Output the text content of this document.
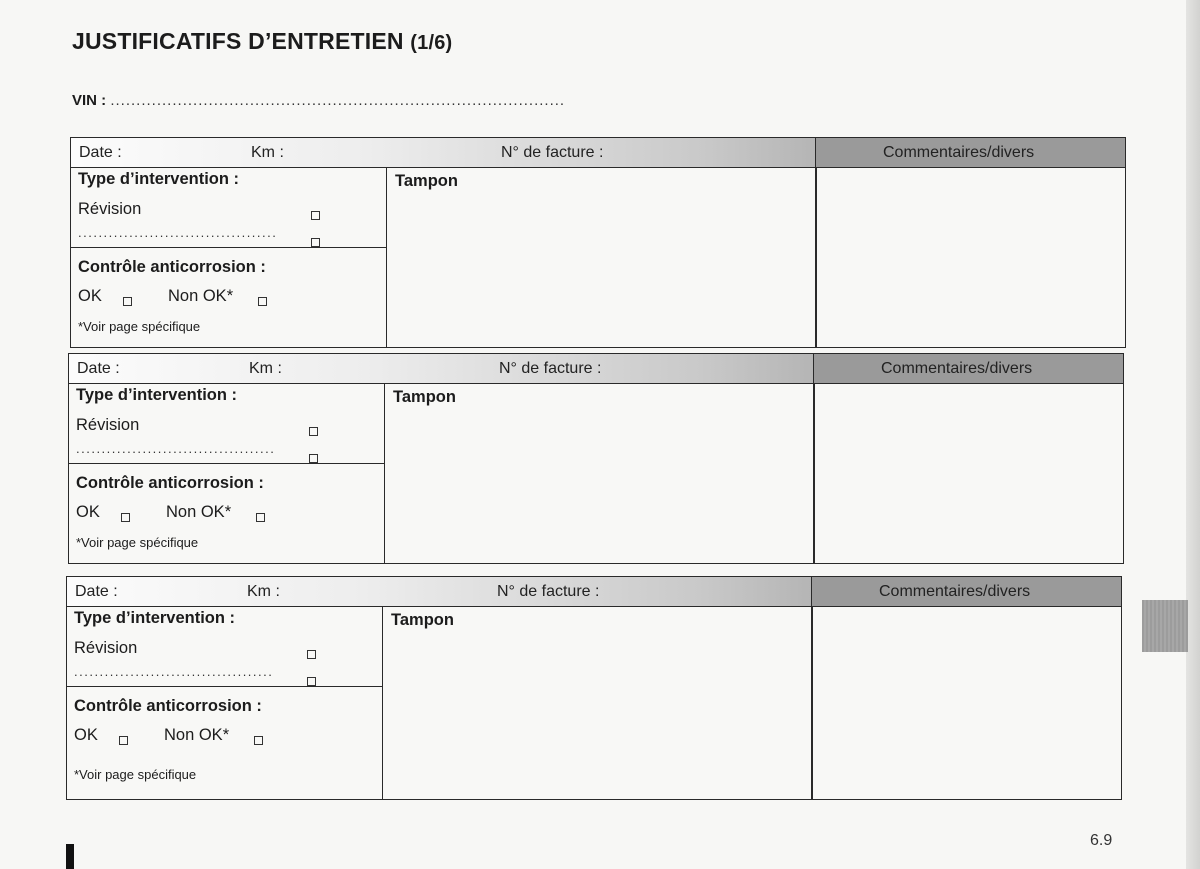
JUSTIFICATIFS D’ENTRETIEN (1/6)
VIN : ........................................................................................
Date :	Km :	N° de facture :	Commentaires/divers
Type d’intervention :
Révision
.......................................
Contrôle anticorrosion :
OK	Non OK*
*Voir page spécifique
Tampon
Date :	Km :	N° de facture :	Commentaires/divers
Type d’intervention :
Révision
.......................................
Contrôle anticorrosion :
OK	Non OK*
*Voir page spécifique
Tampon
Date :	Km :	N° de facture :	Commentaires/divers
Type d’intervention :
Révision
.......................................
Contrôle anticorrosion :
OK	Non OK*
*Voir page spécifique
Tampon
6.9
